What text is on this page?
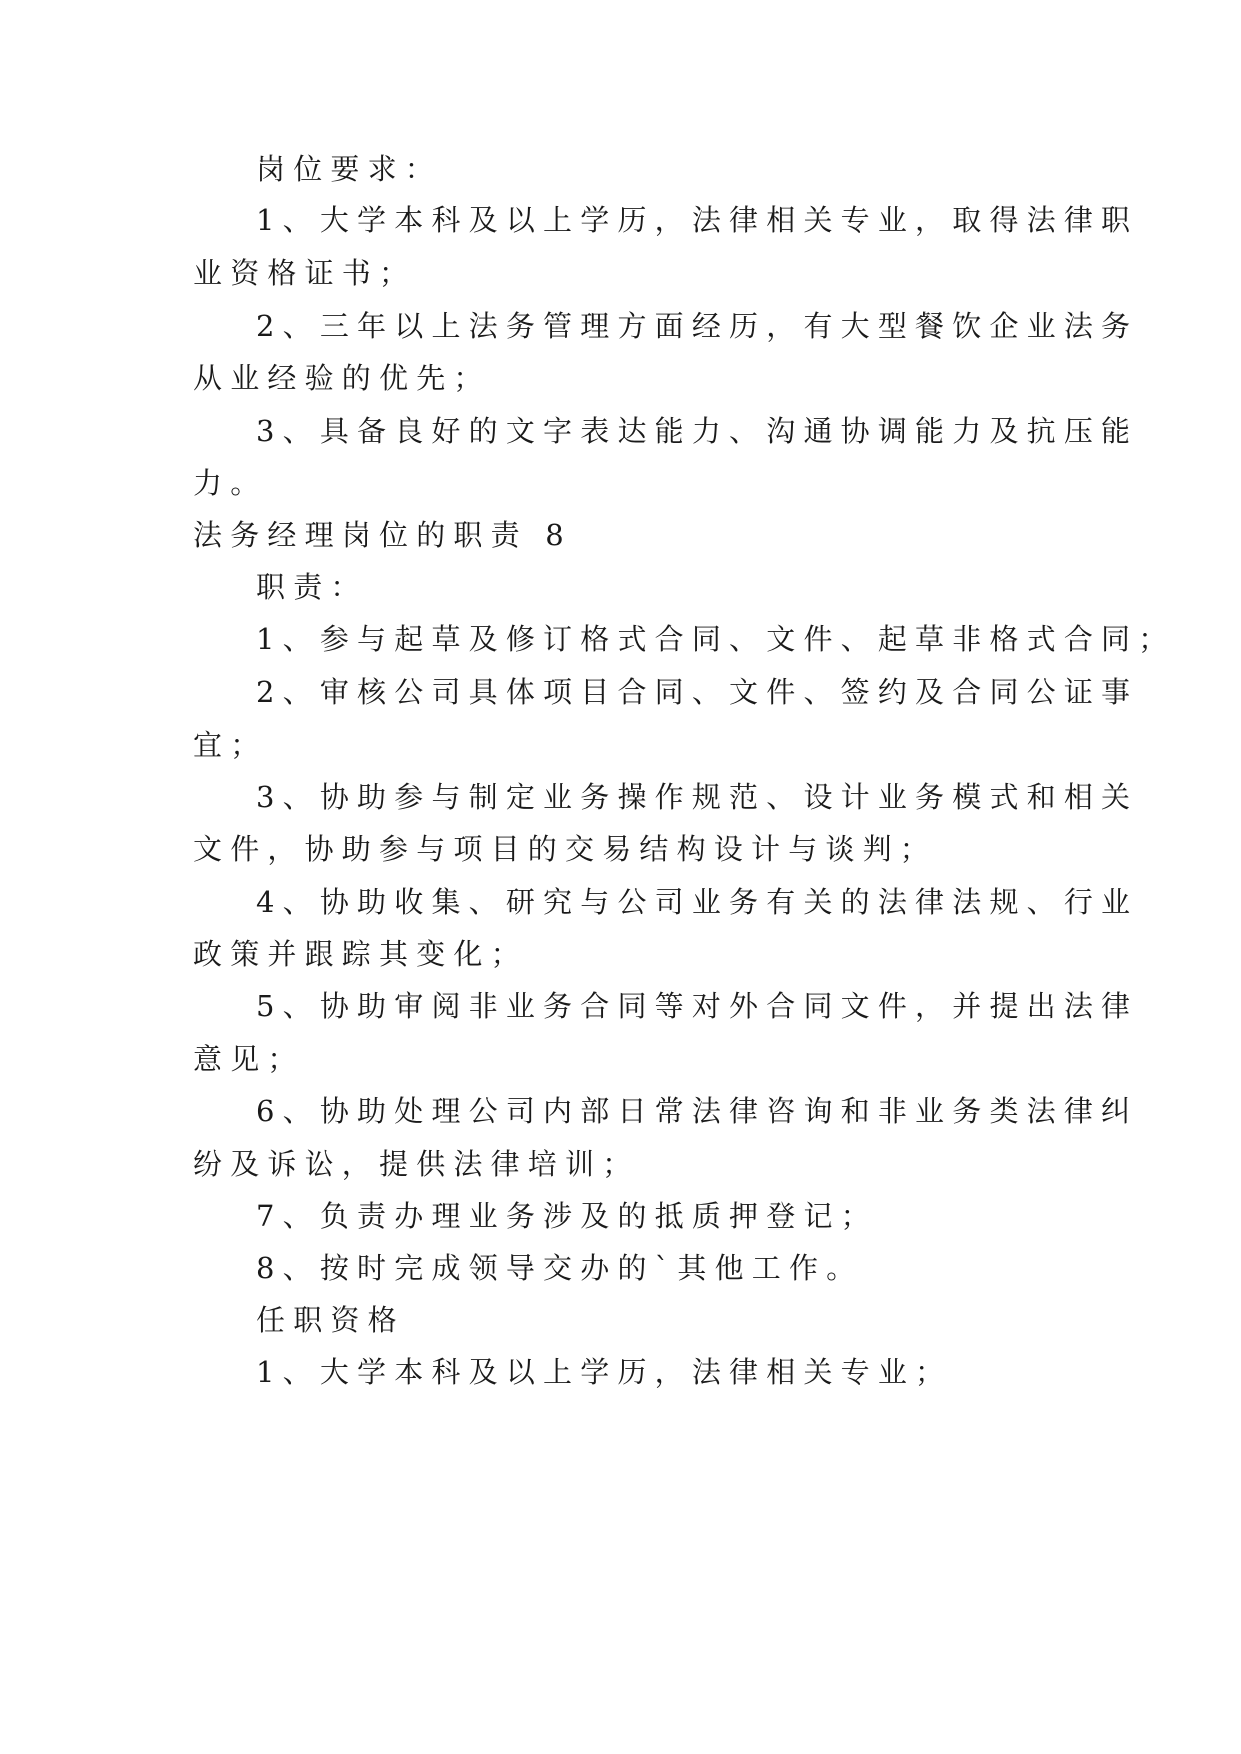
岗位要求：
1、大学本科及以上学历，法律相关专业，取得法律职
业资格证书；
2、三年以上法务管理方面经历，有大型餐饮企业法务
从业经验的优先；
3、具备良好的文字表达能力、沟通协调能力及抗压能
力。
法务经理岗位的职责 8
职责：
1、参与起草及修订格式合同、文件、起草非格式合同；
2、审核公司具体项目合同、文件、签约及合同公证事
宜；
3、协助参与制定业务操作规范、设计业务模式和相关
文件，协助参与项目的交易结构设计与谈判；
4、协助收集、研究与公司业务有关的法律法规、行业
政策并跟踪其变化；
5、协助审阅非业务合同等对外合同文件，并提出法律
意见；
6、协助处理公司内部日常法律咨询和非业务类法律纠
纷及诉讼，提供法律培训；
7、负责办理业务涉及的抵质押登记；
8、按时完成领导交办的`其他工作。
任职资格
1、大学本科及以上学历，法律相关专业；
